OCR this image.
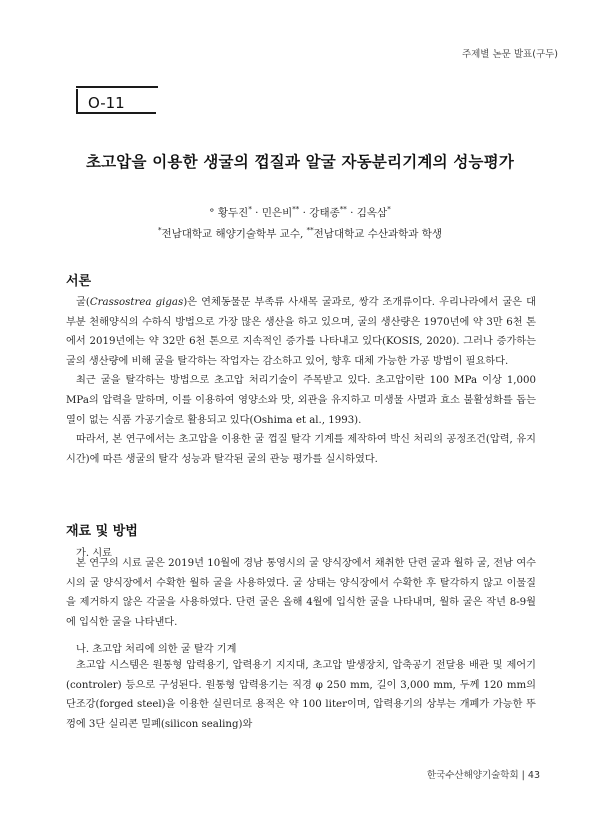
주제별 논문 발표(구두)
O-11
초고압을 이용한 생굴의 껍질과 알굴 자동분리기계의 성능평가
° 황두진* · 민은비** · 강태종** · 김옥삼*
*전남대학교 해양기술학부 교수, **전남대학교 수산과학과 학생
서론

굴(Crassostrea gigas)은 연체동물문 부족류 사새목 굴과로, 쌍각 조개류이다. 우리나라에서 굴은 대부분 천해양식의 수하식 방법으로 가장 많은 생산을 하고 있으며, 굴의 생산량은 1970년에 약 3만 6천 톤에서 2019년에는 약 32만 6천 톤으로 지속적인 증가를 나타내고 있다(KOSIS, 2020). 그러나 증가하는 굴의 생산량에 비해 굴을 탈각하는 작업자는 감소하고 있어, 향후 대체 가능한 가공 방법이 필요하다.

최근 굴을 탈각하는 방법으로 초고압 처리기술이 주목받고 있다. 초고압이란 100 MPa 이상 1,000 MPa의 압력을 말하며, 이를 이용하여 영양소와 맛, 외관을 유지하고 미생물 사멸과 효소 불활성화를 돕는 열이 없는 식품 가공기술로 활용되고 있다(Oshima et al., 1993).

따라서, 본 연구에서는 초고압을 이용한 굴 껍질 탈각 기계를 제작하여 박신 처리의 공정조건(압력, 유지시간)에 따른 생굴의 탈각 성능과 탈각된 굴의 관능 평가를 실시하였다.

재료 및 방법
가. 시료

본 연구의 시료 굴은 2019년 10월에 경남 통영시의 굴 양식장에서 채취한 단련 굴과 월하 굴, 전남 여수시의 굴 양식장에서 수확한 월하 굴을 사용하였다. 굴 상태는 양식장에서 수확한 후 탈각하지 않고 이물질을 제거하지 않은 각굴을 사용하였다. 단련 굴은 올해 4월에 입식한 굴을 나타내며, 월하 굴은 작년 8-9월에 입식한 굴을 나타낸다.

나. 초고압 처리에 의한 굴 탈각 기계

초고압 시스템은 원통형 압력용기, 압력용기 지지대, 초고압 발생장치, 압축공기 전달용 배관 및 제어기(controler) 등으로 구성된다. 원통형 압력용기는 직경 φ 250 mm, 길이 3,000 mm, 두께 120 mm의 단조강(forged steel)을 이용한 실린더로 용적은 약 100 liter이며, 압력용기의 상부는 개폐가 가능한 뚜껑에 3단 실리콘 밀폐(silicon sealing)와

한국수산해양기술학회 | 43
